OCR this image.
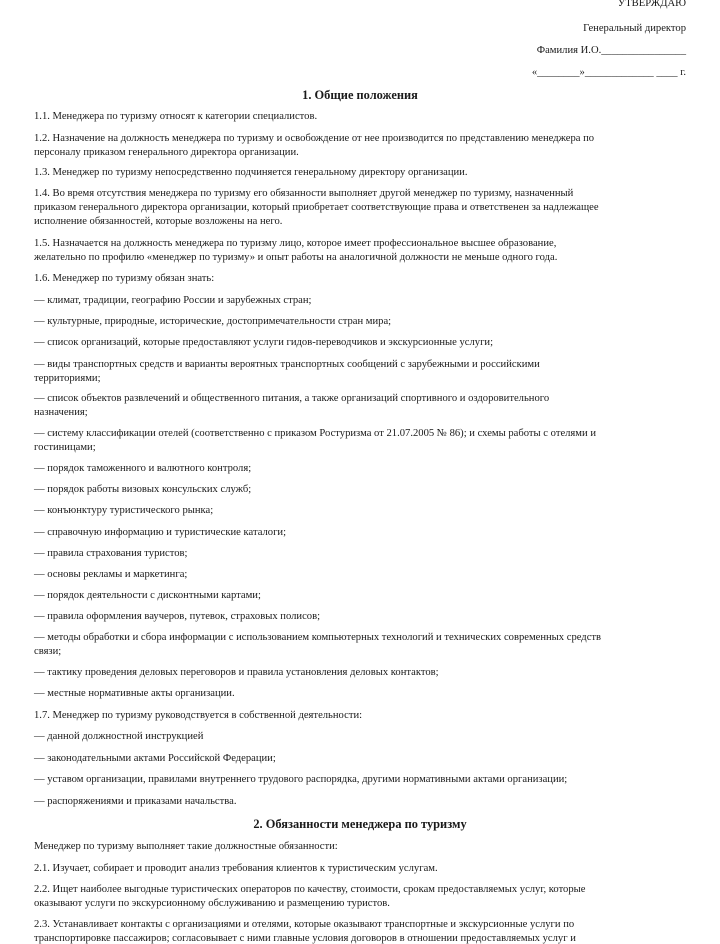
УТВЕРЖДАЮ
Генеральный директор
Фамилия И.О.________________
«________»_____________ ____ г.
1. Общие положения
1.1. Менеджера по туризму относят к категории специалистов.
1.2. Назначение на должность менеджера по туризму и освобождение от нее производится по представлению менеджера по
персоналу приказом генерального директора организации.
1.3. Менеджер по туризму непосредственно подчиняется генеральному директору организации.
1.4. Во время отсутствия менеджера по туризму его обязанности выполняет другой менеджер по туризму, назначенный
приказом генерального директора организации, который приобретает соответствующие права и ответственен за надлежащее
исполнение обязанностей, которые возложены на него.
1.5. Назначается на должность менеджера по туризму лицо, которое имеет профессиональное высшее образование,
желательно по профилю «менеджер по туризму» и опыт работы на аналогичной должности не меньше одного года.
1.6. Менеджер по туризму обязан знать:
— климат, традиции, географию России и зарубежных стран;
— культурные, природные, исторические, достопримечательности стран мира;
— список организаций, которые предоставляют услуги гидов-переводчиков и экскурсионные услуги;
— виды транспортных средств и варианты вероятных транспортных сообщений с зарубежными и российскими
территориями;
— список объектов развлечений и общественного питания, а также организаций спортивного и оздоровительного
назначения;
— систему классификации отелей (соответственно с приказом Ростуризма от 21.07.2005 № 86); и схемы работы с отелями и
гостиницами;
— порядок таможенного и валютного контроля;
— порядок работы визовых консульских служб;
— конъюнктуру туристического рынка;
— справочную информацию и туристические каталоги;
— правила страхования туристов;
— основы рекламы и маркетинга;
— порядок деятельности с дисконтными картами;
— правила оформления ваучеров, путевок, страховых полисов;
— методы обработки и сбора информации с использованием компьютерных технологий и технических современных средств
связи;
— тактику проведения деловых переговоров и правила установления деловых контактов;
— местные нормативные акты организации.
1.7. Менеджер по туризму руководствуется в собственной деятельности:
— данной должностной инструкцией
— законодательными актами Российской Федерации;
— уставом организации, правилами внутреннего трудового распорядка, другими нормативными актами организации;
— распоряжениями и приказами начальства.
2. Обязанности менеджера по туризму
Менеджер по туризму выполняет такие должностные обязанности:
2.1. Изучает, собирает и проводит анализ требования клиентов к туристическим услугам.
2.2. Ищет наиболее выгодные туристических операторов по качеству, стоимости, срокам предоставляемых услуг, которые
оказывают услуги по экскурсионному обслуживанию и размещению туристов.
2.3. Устанавливает контакты с организациями и отелями, которые оказывают транспортные и экскурсионные услуги по
транспортировке пассажиров; согласовывает с ними главные условия договоров в отношении предоставляемых услуг и
